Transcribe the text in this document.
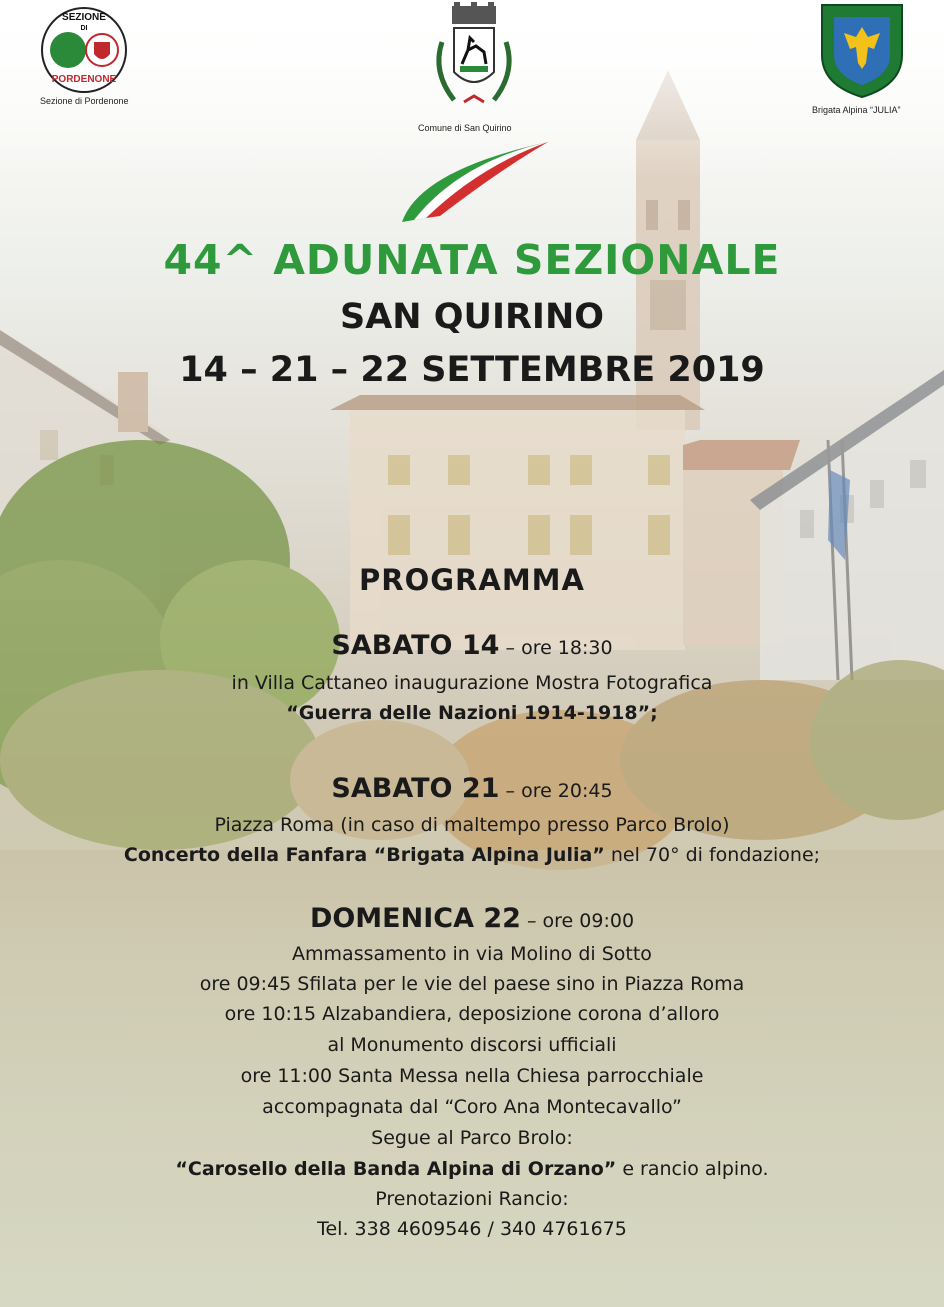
SEZIONE
DI
PORDENONE
Sezione di Pordenone
Comune di San Quirino
Brigata Alpina “JULIA”
44^ ADUNATA SEZIONALE
SAN QUIRINO
14 – 21 – 22 SETTEMBRE 2019
PROGRAMMA
SABATO 14 – ore 18:30
in Villa Cattaneo inaugurazione Mostra Fotografica
“Guerra delle Nazioni 1914-1918”;
SABATO 21 – ore 20:45
Piazza Roma (in caso di maltempo presso Parco Brolo)
Concerto della Fanfara “Brigata Alpina Julia” nel 70° di fondazione;
DOMENICA 22 – ore 09:00
Ammassamento in via Molino di Sotto
ore 09:45 Sfilata per le vie del paese sino in Piazza Roma
ore 10:15 Alzabandiera, deposizione corona d’alloro
al Monumento discorsi ufficiali
ore 11:00 Santa Messa nella Chiesa parrocchiale
accompagnata dal “Coro Ana Montecavallo”
Segue al Parco Brolo:
“Carosello della Banda Alpina di Orzano” e rancio alpino.
Prenotazioni Rancio:
Tel. 338 4609546 / 340 4761675
